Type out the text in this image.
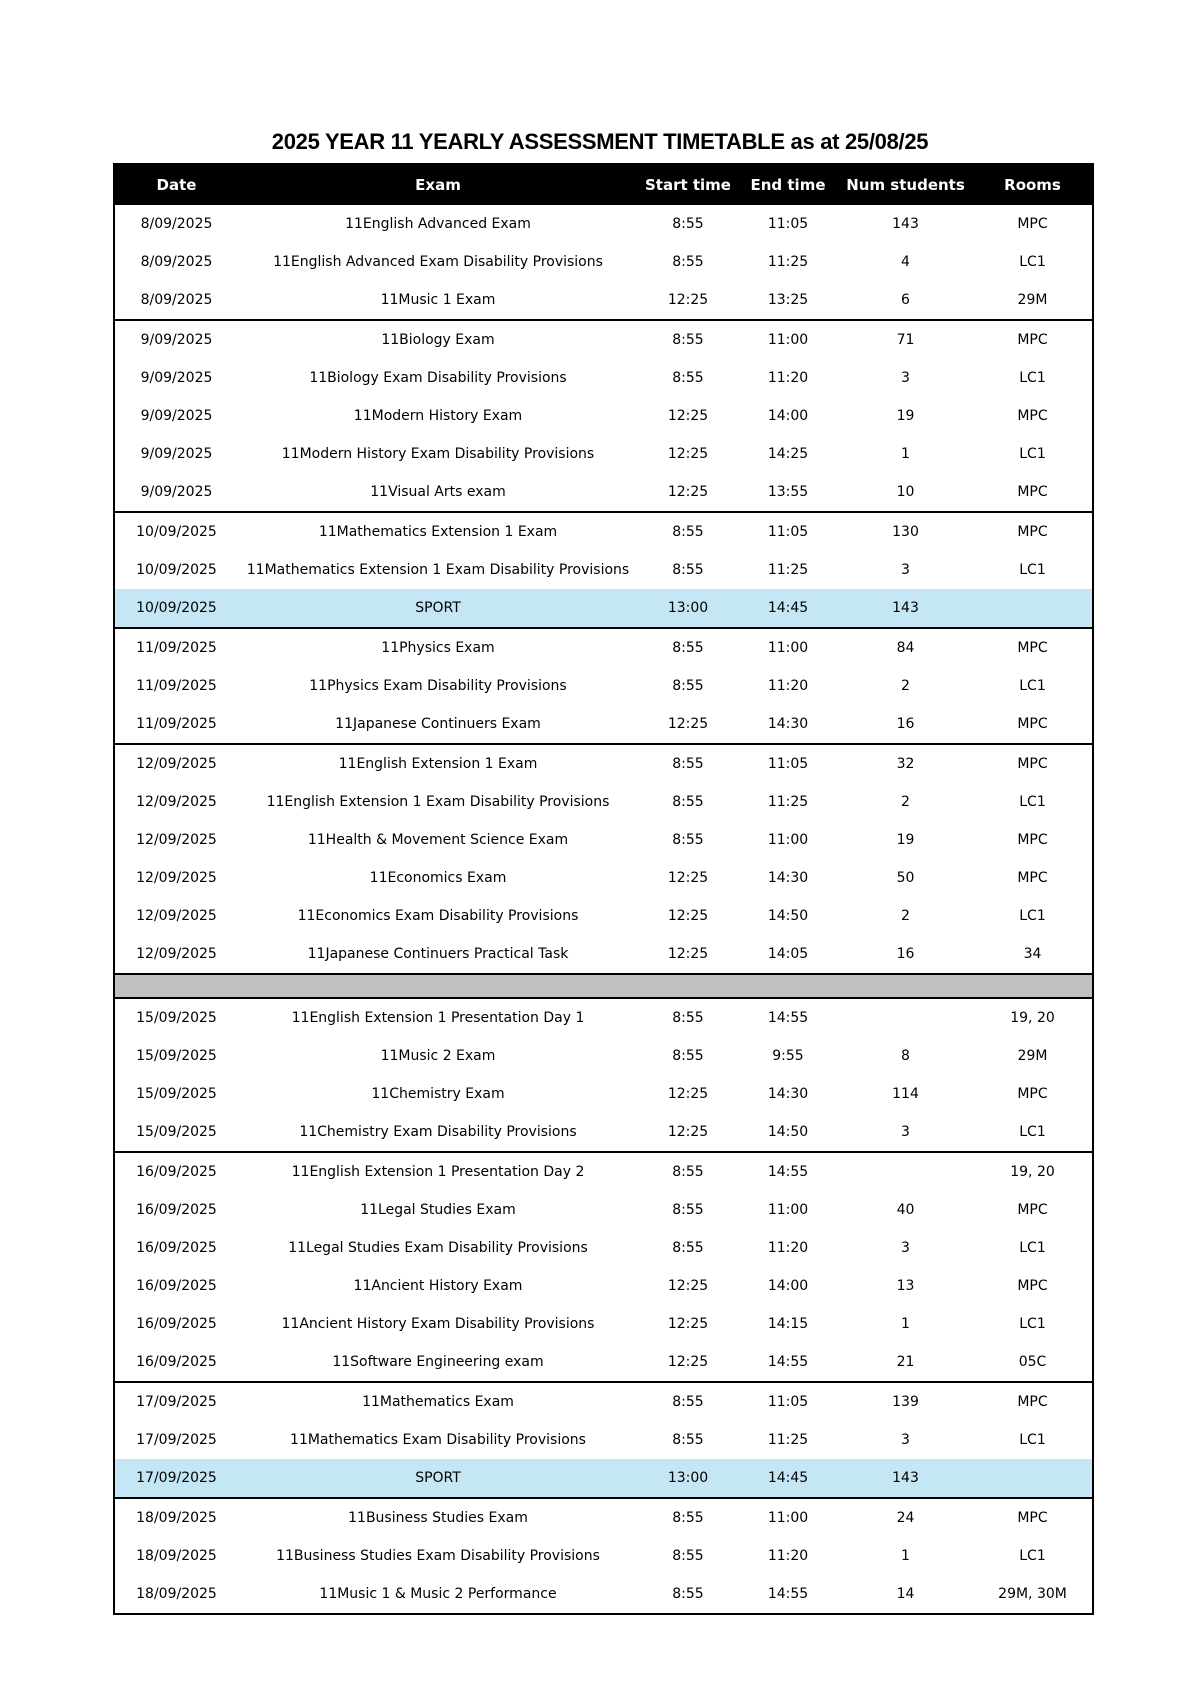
2025 YEAR 11 YEARLY ASSESSMENT TIMETABLE as at 25/08/25
Date	Exam	Start time	End time	Num students	Rooms
8/09/2025	11English Advanced Exam	8:55	11:05	143	MPC
8/09/2025	11English Advanced Exam Disability Provisions	8:55	11:25	4	LC1
8/09/2025	11Music 1 Exam	12:25	13:25	6	29M
9/09/2025	11Biology Exam	8:55	11:00	71	MPC
9/09/2025	11Biology Exam Disability Provisions	8:55	11:20	3	LC1
9/09/2025	11Modern History Exam	12:25	14:00	19	MPC
9/09/2025	11Modern History Exam Disability Provisions	12:25	14:25	1	LC1
9/09/2025	11Visual Arts exam	12:25	13:55	10	MPC
10/09/2025	11Mathematics Extension 1 Exam	8:55	11:05	130	MPC
10/09/2025	11Mathematics Extension 1 Exam Disability Provisions	8:55	11:25	3	LC1
10/09/2025	SPORT	13:00	14:45	143	
11/09/2025	11Physics Exam	8:55	11:00	84	MPC
11/09/2025	11Physics Exam Disability Provisions	8:55	11:20	2	LC1
11/09/2025	11Japanese Continuers Exam	12:25	14:30	16	MPC
12/09/2025	11English Extension 1 Exam	8:55	11:05	32	MPC
12/09/2025	11English Extension 1 Exam Disability Provisions	8:55	11:25	2	LC1
12/09/2025	11Health & Movement Science Exam	8:55	11:00	19	MPC
12/09/2025	11Economics Exam	12:25	14:30	50	MPC
12/09/2025	11Economics Exam Disability Provisions	12:25	14:50	2	LC1
12/09/2025	11Japanese Continuers Practical Task	12:25	14:05	16	34

15/09/2025	11English Extension 1 Presentation Day 1	8:55	14:55		19, 20
15/09/2025	11Music 2 Exam	8:55	9:55	8	29M
15/09/2025	11Chemistry Exam	12:25	14:30	114	MPC
15/09/2025	11Chemistry Exam Disability Provisions	12:25	14:50	3	LC1
16/09/2025	11English Extension 1 Presentation Day 2	8:55	14:55		19, 20
16/09/2025	11Legal Studies Exam	8:55	11:00	40	MPC
16/09/2025	11Legal Studies Exam Disability Provisions	8:55	11:20	3	LC1
16/09/2025	11Ancient History Exam	12:25	14:00	13	MPC
16/09/2025	11Ancient History Exam Disability Provisions	12:25	14:15	1	LC1
16/09/2025	11Software Engineering exam	12:25	14:55	21	05C
17/09/2025	11Mathematics Exam	8:55	11:05	139	MPC
17/09/2025	11Mathematics Exam Disability Provisions	8:55	11:25	3	LC1
17/09/2025	SPORT	13:00	14:45	143	
18/09/2025	11Business Studies Exam	8:55	11:00	24	MPC
18/09/2025	11Business Studies Exam Disability Provisions	8:55	11:20	1	LC1
18/09/2025	11Music 1 & Music 2 Performance	8:55	14:55	14	29M, 30M
